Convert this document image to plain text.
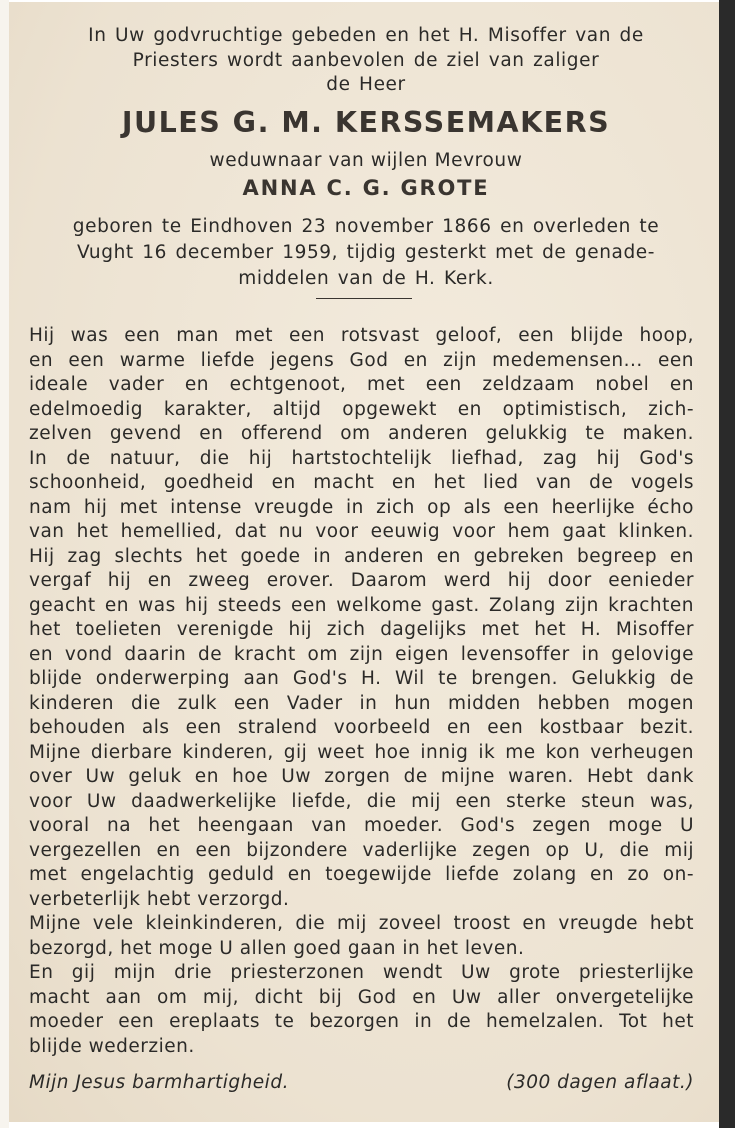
In Uw godvruchtige gebeden en het H. Misoffer van de
Priesters wordt aanbevolen de ziel van zaliger
de Heer
JULES G. M. KERSSEMAKERS
weduwnaar van wijlen Mevrouw
ANNA C. G. GROTE
geboren te Eindhoven 23 november 1866 en overleden te
Vught 16 december 1959, tijdig gesterkt met de genade-
middelen van de H. Kerk.
Hij was een man met een rotsvast geloof, een blijde hoop,
en een warme liefde jegens God en zijn medemensen... een
ideale vader en echtgenoot, met een zeldzaam nobel en
edelmoedig karakter, altijd opgewekt en optimistisch, zich-
zelven gevend en offerend om anderen gelukkig te maken.
In de natuur, die hij hartstochtelijk liefhad, zag hij God's
schoonheid, goedheid en macht en het lied van de vogels
nam hij met intense vreugde in zich op als een heerlijke écho
van het hemellied, dat nu voor eeuwig voor hem gaat klinken.
Hij zag slechts het goede in anderen en gebreken begreep en
vergaf hij en zweeg erover. Daarom werd hij door eenieder
geacht en was hij steeds een welkome gast. Zolang zijn krachten
het toelieten verenigde hij zich dagelijks met het H. Misoffer
en vond daarin de kracht om zijn eigen levensoffer in gelovige
blijde onderwerping aan God's H. Wil te brengen. Gelukkig de
kinderen die zulk een Vader in hun midden hebben mogen
behouden als een stralend voorbeeld en een kostbaar bezit.
Mijne dierbare kinderen, gij weet hoe innig ik me kon verheugen
over Uw geluk en hoe Uw zorgen de mijne waren. Hebt dank
voor Uw daadwerkelijke liefde, die mij een sterke steun was,
vooral na het heengaan van moeder. God's zegen moge U
vergezellen en een bijzondere vaderlijke zegen op U, die mij
met engelachtig geduld en toegewijde liefde zolang en zo on-
verbeterlijk hebt verzorgd.
Mijne vele kleinkinderen, die mij zoveel troost en vreugde hebt
bezorgd, het moge U allen goed gaan in het leven.
En gij mijn drie priesterzonen wendt Uw grote priesterlijke
macht aan om mij, dicht bij God en Uw aller onvergetelijke
moeder een ereplaats te bezorgen in de hemelzalen. Tot het
blijde wederzien.
Mijn Jesus barmhartigheid.	(300 dagen aflaat.)
